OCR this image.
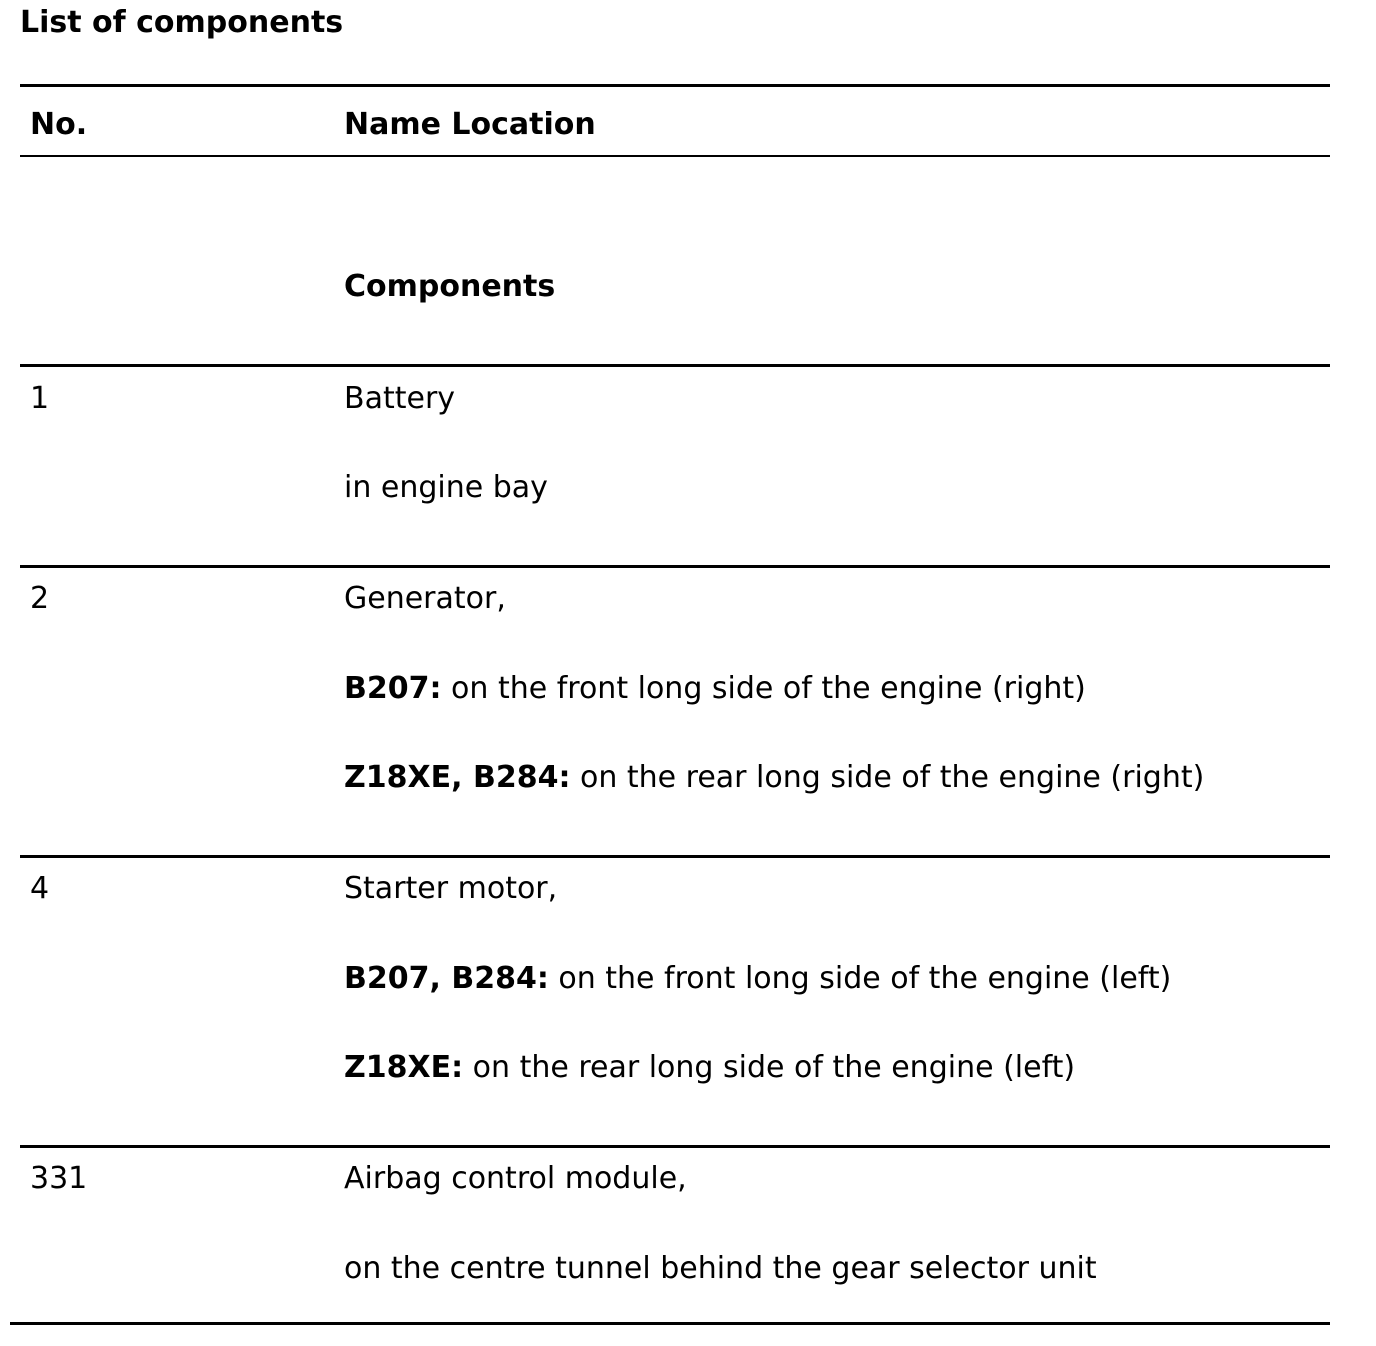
List of components
No.	Name Location
Components
1	Battery
in engine bay
2	Generator,
B207: on the front long side of the engine (right)
Z18XE, B284: on the rear long side of the engine (right)
4	Starter motor,
B207, B284: on the front long side of the engine (left)
Z18XE: on the rear long side of the engine (left)
331	Airbag control module,
on the centre tunnel behind the gear selector unit
